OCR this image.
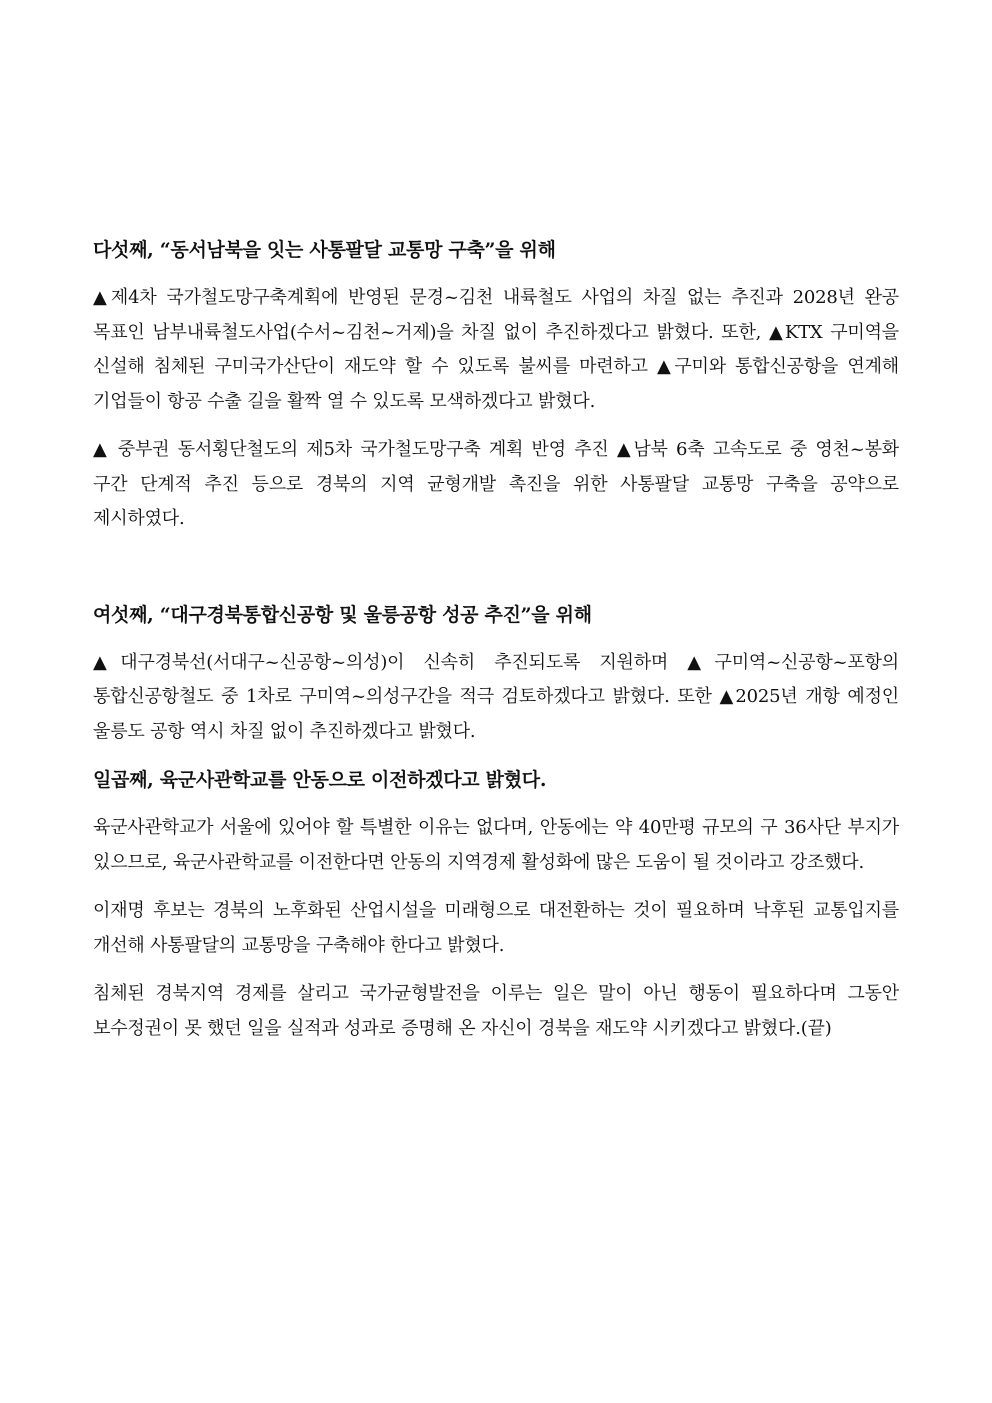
다섯째, “동서남북을 잇는 사통팔달 교통망 구축”을 위해

▲제4차 국가철도망구축계획에 반영된 문경~김천 내륙철도 사업의 차질 없는 추진과 2028년 완공 목표인 남부내륙철도사업(수서~김천~거제)을 차질 없이 추진하겠다고 밝혔다. 또한, ▲KTX 구미역을 신설해 침체된 구미국가산단이 재도약 할 수 있도록 불씨를 마련하고 ▲구미와 통합신공항을 연계해 기업들이 항공 수출 길을 활짝 열 수 있도록 모색하겠다고 밝혔다.

▲ 중부권 동서횡단철도의 제5차 국가철도망구축 계획 반영 추진 ▲남북 6축 고속도로 중 영천~봉화 구간 단계적 추진 등으로 경북의 지역 균형개발 촉진을 위한 사통팔달 교통망 구축을 공약으로 제시하였다.

여섯째, “대구경북통합신공항 및 울릉공항 성공 추진”을 위해

▲대구경북선(서대구~신공항~의성)이 신속히 추진되도록 지원하며 ▲구미역~신공항~포항의 통합신공항철도 중 1차로 구미역~의성구간을 적극 검토하겠다고 밝혔다. 또한 ▲2025년 개항 예정인 울릉도 공항 역시 차질 없이 추진하겠다고 밝혔다.

일곱째, 육군사관학교를 안동으로 이전하겠다고 밝혔다.

육군사관학교가 서울에 있어야 할 특별한 이유는 없다며, 안동에는 약 40만평 규모의 구 36사단 부지가 있으므로, 육군사관학교를 이전한다면 안동의 지역경제 활성화에 많은 도움이 될 것이라고 강조했다.

이재명 후보는 경북의 노후화된 산업시설을 미래형으로 대전환하는 것이 필요하며 낙후된 교통입지를 개선해 사통팔달의 교통망을 구축해야 한다고 밝혔다.

침체된 경북지역 경제를 살리고 국가균형발전을 이루는 일은 말이 아닌 행동이 필요하다며 그동안 보수정권이 못 했던 일을 실적과 성과로 증명해 온 자신이 경북을 재도약 시키겠다고 밝혔다.(끝)
